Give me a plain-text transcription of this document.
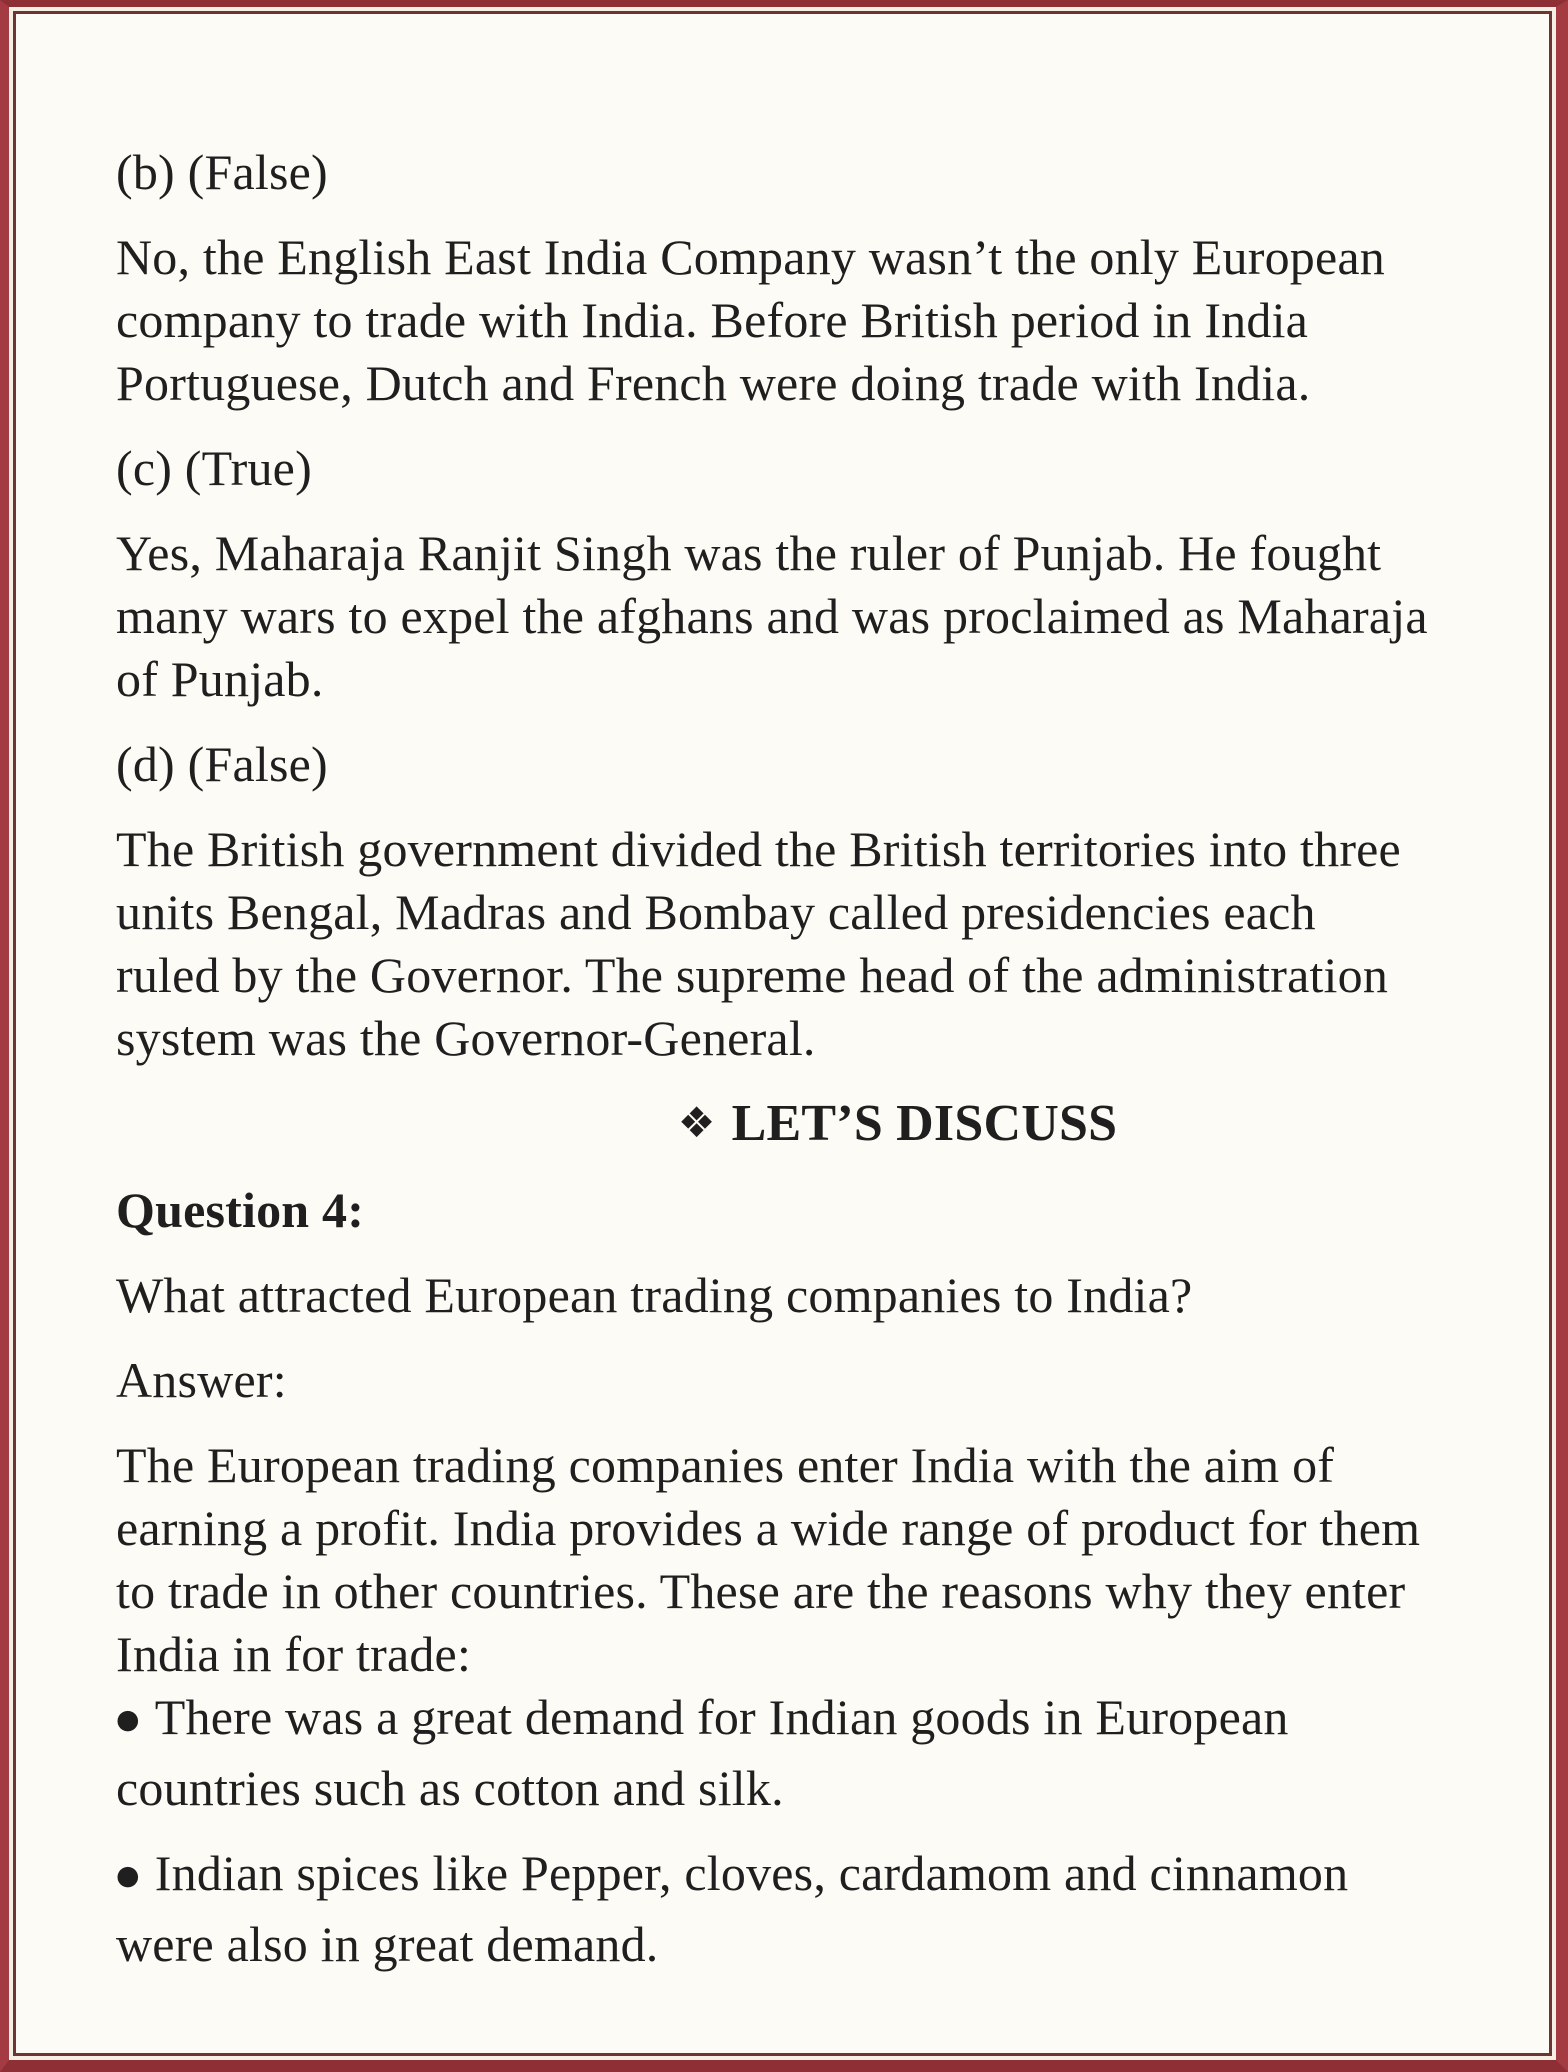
(b) (False)
No, the English East India Company wasn’t the only European
company to trade with India. Before British period in India
Portuguese, Dutch and French were doing trade with India.
(c) (True)
Yes, Maharaja Ranjit Singh was the ruler of Punjab. He fought
many wars to expel the afghans and was proclaimed as Maharaja
of Punjab.
(d) (False)
The British government divided the British territories into three
units Bengal, Madras and Bombay called presidencies each
ruled by the Governor. The supreme head of the administration
system was the Governor-General.
❖ LET’S DISCUSS
Question 4:
What attracted European trading companies to India?
Answer:
The European trading companies enter India with the aim of
earning a profit. India provides a wide range of product for them
to trade in other countries. These are the reasons why they enter
India in for trade:
● There was a great demand for Indian goods in European
countries such as cotton and silk.
● Indian spices like Pepper, cloves, cardamom and cinnamon
were also in great demand.
